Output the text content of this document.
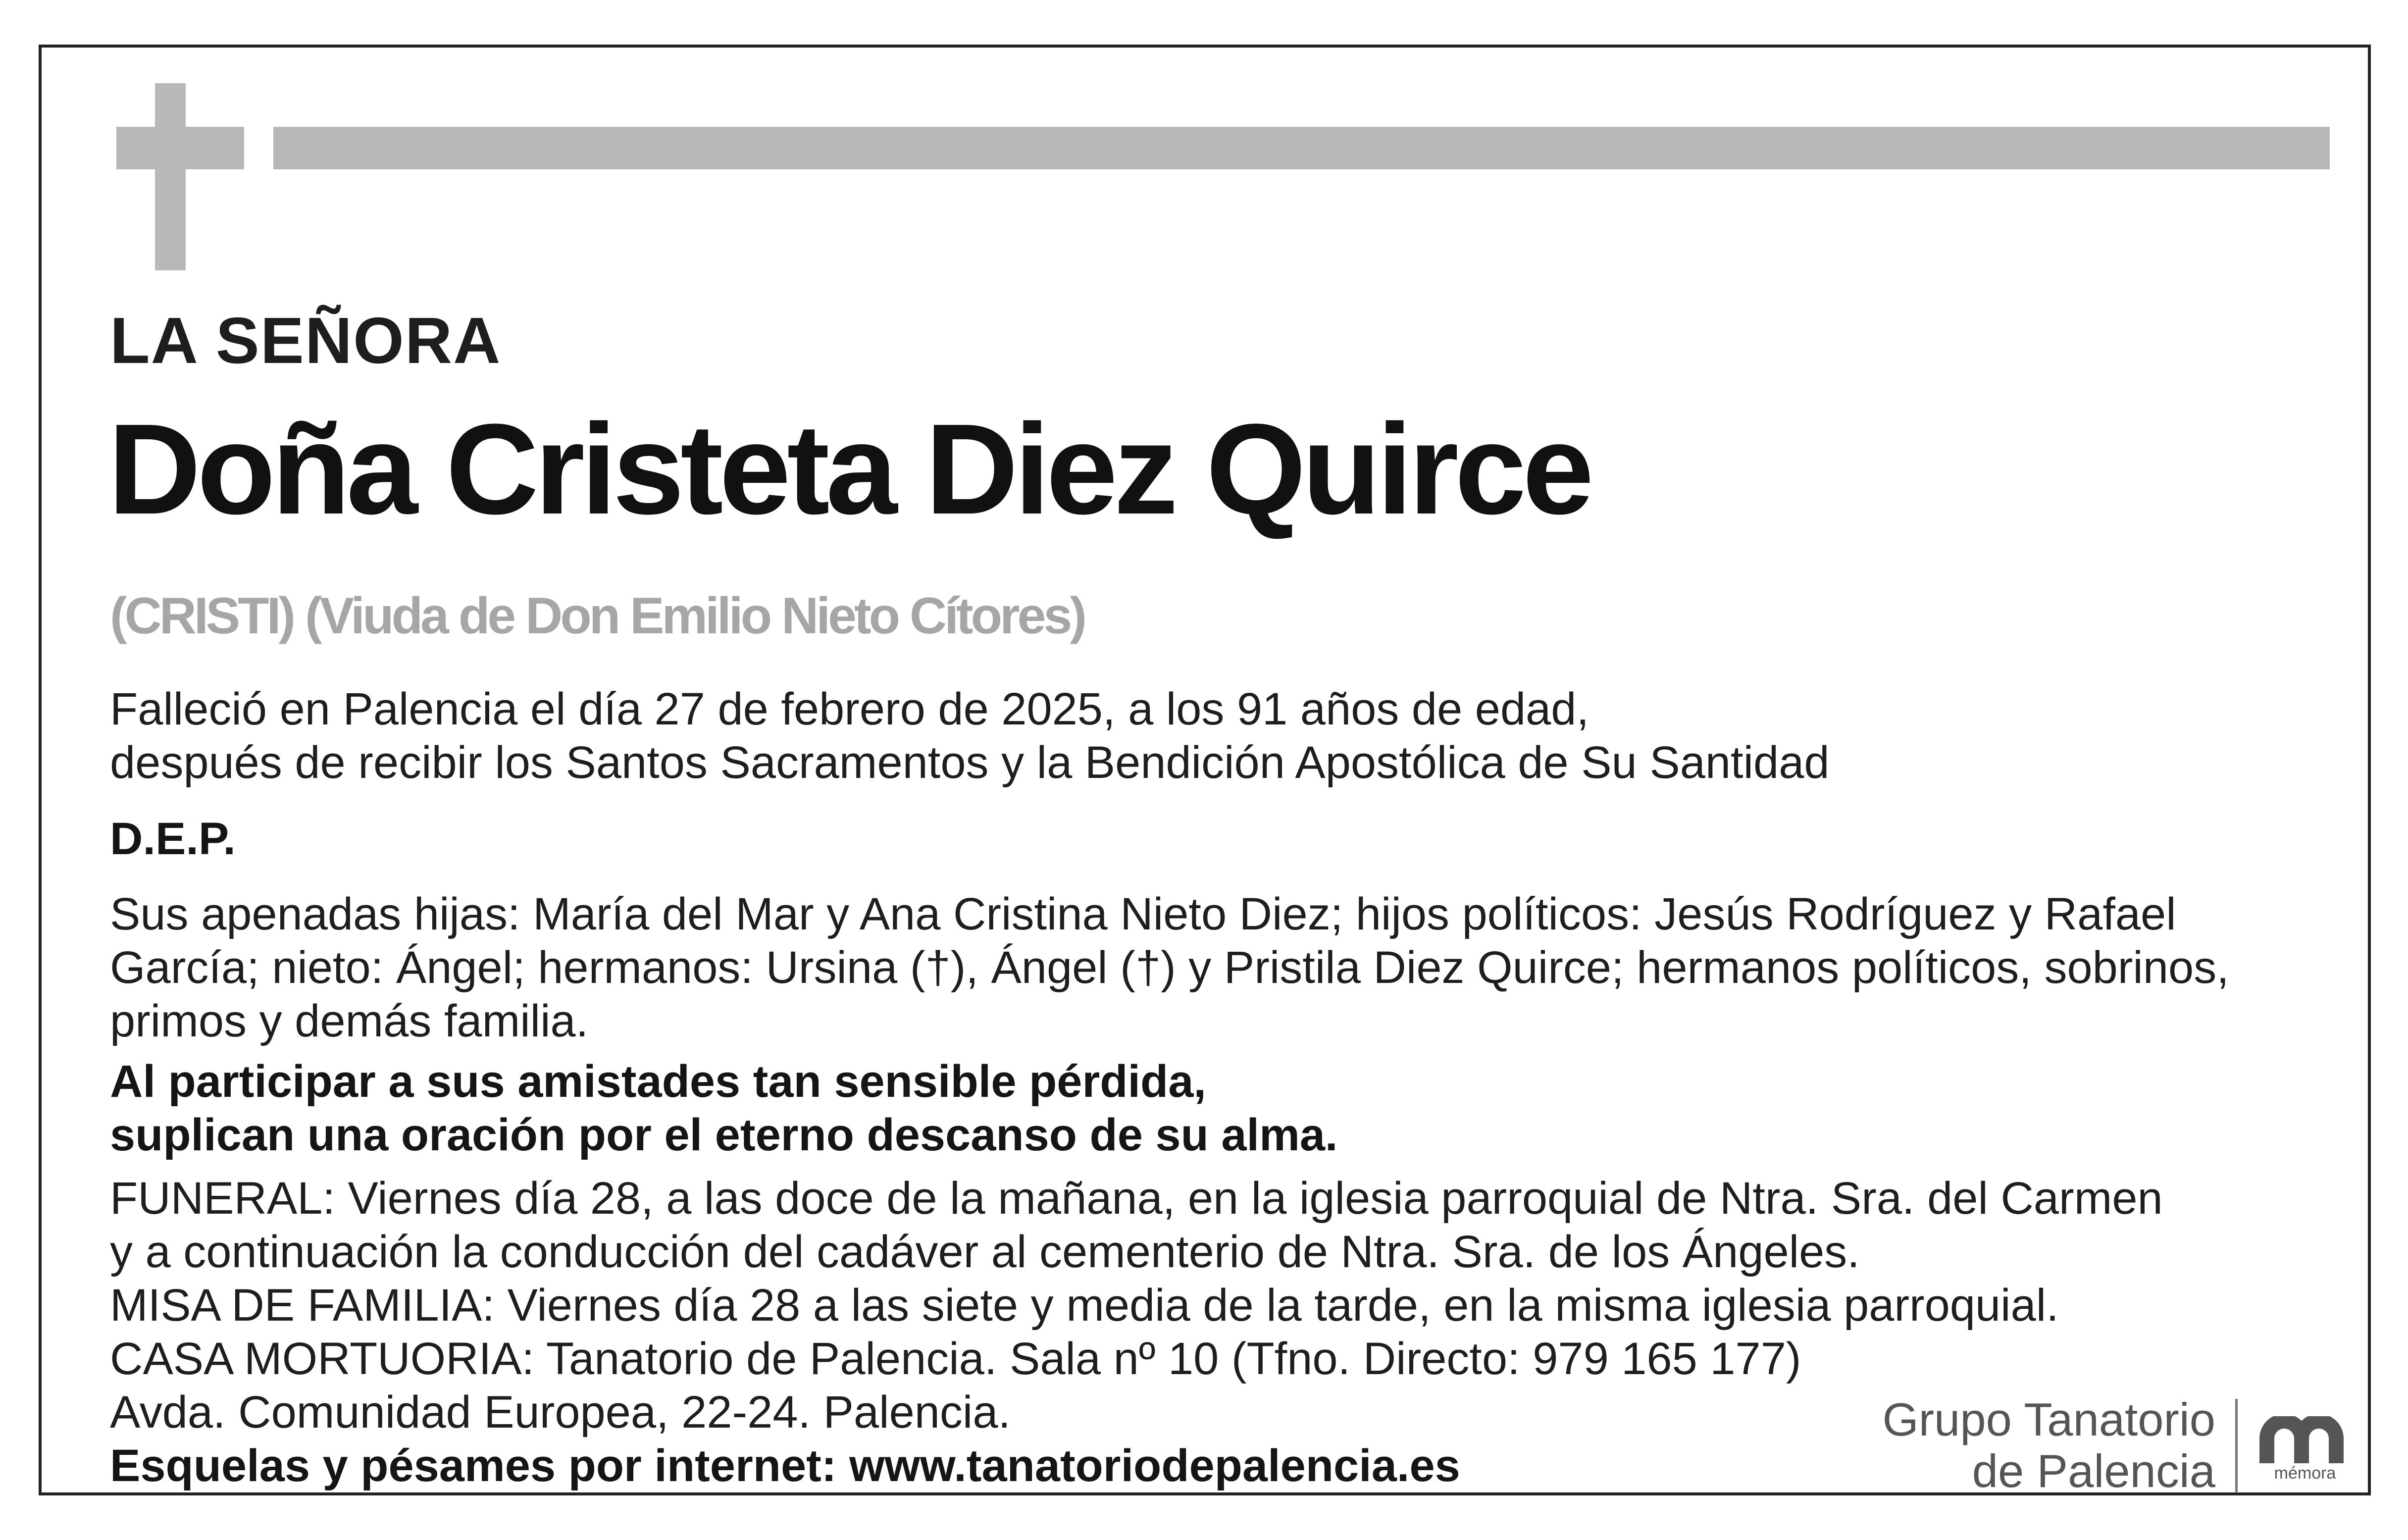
LA SEÑORA
Doña Cristeta Diez Quirce
(CRISTI) (Viuda de Don Emilio Nieto Cítores)
Falleció en Palencia el día 27 de febrero de 2025, a los 91 años de edad,
después de recibir los Santos Sacramentos y la Bendición Apostólica de Su Santidad
D.E.P.
Sus apenadas hijas: María del Mar y Ana Cristina Nieto Diez; hijos políticos: Jesús Rodríguez y Rafael
García; nieto: Ángel; hermanos: Ursina (†), Ángel (†) y Pristila Diez Quirce; hermanos políticos, sobrinos,
primos y demás familia.
Al participar a sus amistades tan sensible pérdida,
suplican una oración por el eterno descanso de su alma.
FUNERAL: Viernes día 28, a las doce de la mañana, en la iglesia parroquial de Ntra. Sra. del Carmen
y a continuación la conducción del cadáver al cementerio de Ntra. Sra. de los Ángeles.
MISA DE FAMILIA: Viernes día 28 a las siete y media de la tarde, en la misma iglesia parroquial.
CASA MORTUORIA: Tanatorio de Palencia. Sala nº 10 (Tfno. Directo: 979 165 177)
Avda. Comunidad Europea, 22-24. Palencia.
Esquelas y pésames por internet: www.tanatoriodepalencia.es
Grupo Tanatorio
de Palencia	mémora
